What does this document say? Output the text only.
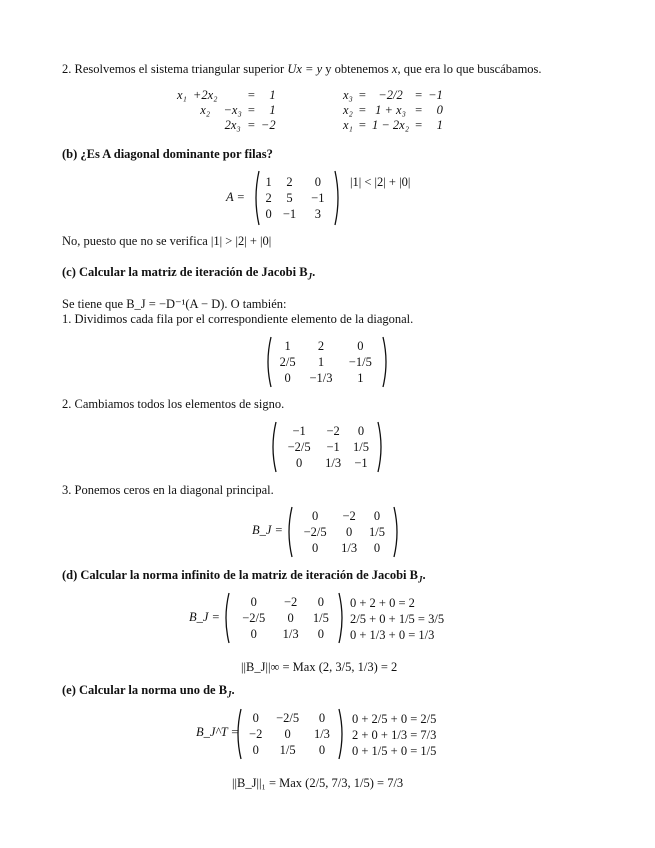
2. Resolvemos el sistema triangular superior Ux = y y obtenemos x, que era lo que buscábamos.
x₁	+2x₂		=	1
	x₂	−x₃	=	1
		2x₃	=	−2
x₃	=	−2/2	=	−1
x₂	=	1 + x₃	=	0
x₁	=	1 − 2x₂	=	1
(b) ¿Es A diagonal dominante por filas?
A =
1	2	0
2	5	−1
0	−1	3
|1| < |2| + |0|
No, puesto que no se verifica |1| > |2| + |0|
(c) Calcular la matriz de iteración de Jacobi $B_J$.
Se tiene que B_J = −D⁻¹(A − D). O también:
1. Dividimos cada fila por el correspondiente elemento de la diagonal.
1	2	0
2/5	1	−1/5
0	−1/3	1
2. Cambiamos todos los elementos de signo.
−1	−2	0
−2/5	−1	1/5
0	1/3	−1
3. Ponemos ceros en la diagonal principal.
B_J =
0	−2	0
−2/5	0	1/5
0	1/3	0
(d) Calcular la norma infinito de la matriz de iteración de Jacobi $B_J$.
B_J =
0	−2	0
−2/5	0	1/5
0	1/3	0
0 + 2 + 0 = 2
2/5 + 0 + 1/5 = 3/5
0 + 1/3 + 0 = 1/3
||B_J||∞ = Max (2, 3/5, 1/3) = 2
(e) Calcular la norma uno de $B_J$.
B_J^T =
0	−2/5	0
−2	0	1/3
0	1/5	0
0 + 2/5 + 0 = 2/5
2 + 0 + 1/3 = 7/3
0 + 1/5 + 0 = 1/5
||B_J||₁ = Max (2/5, 7/3, 1/5) = 7/3
